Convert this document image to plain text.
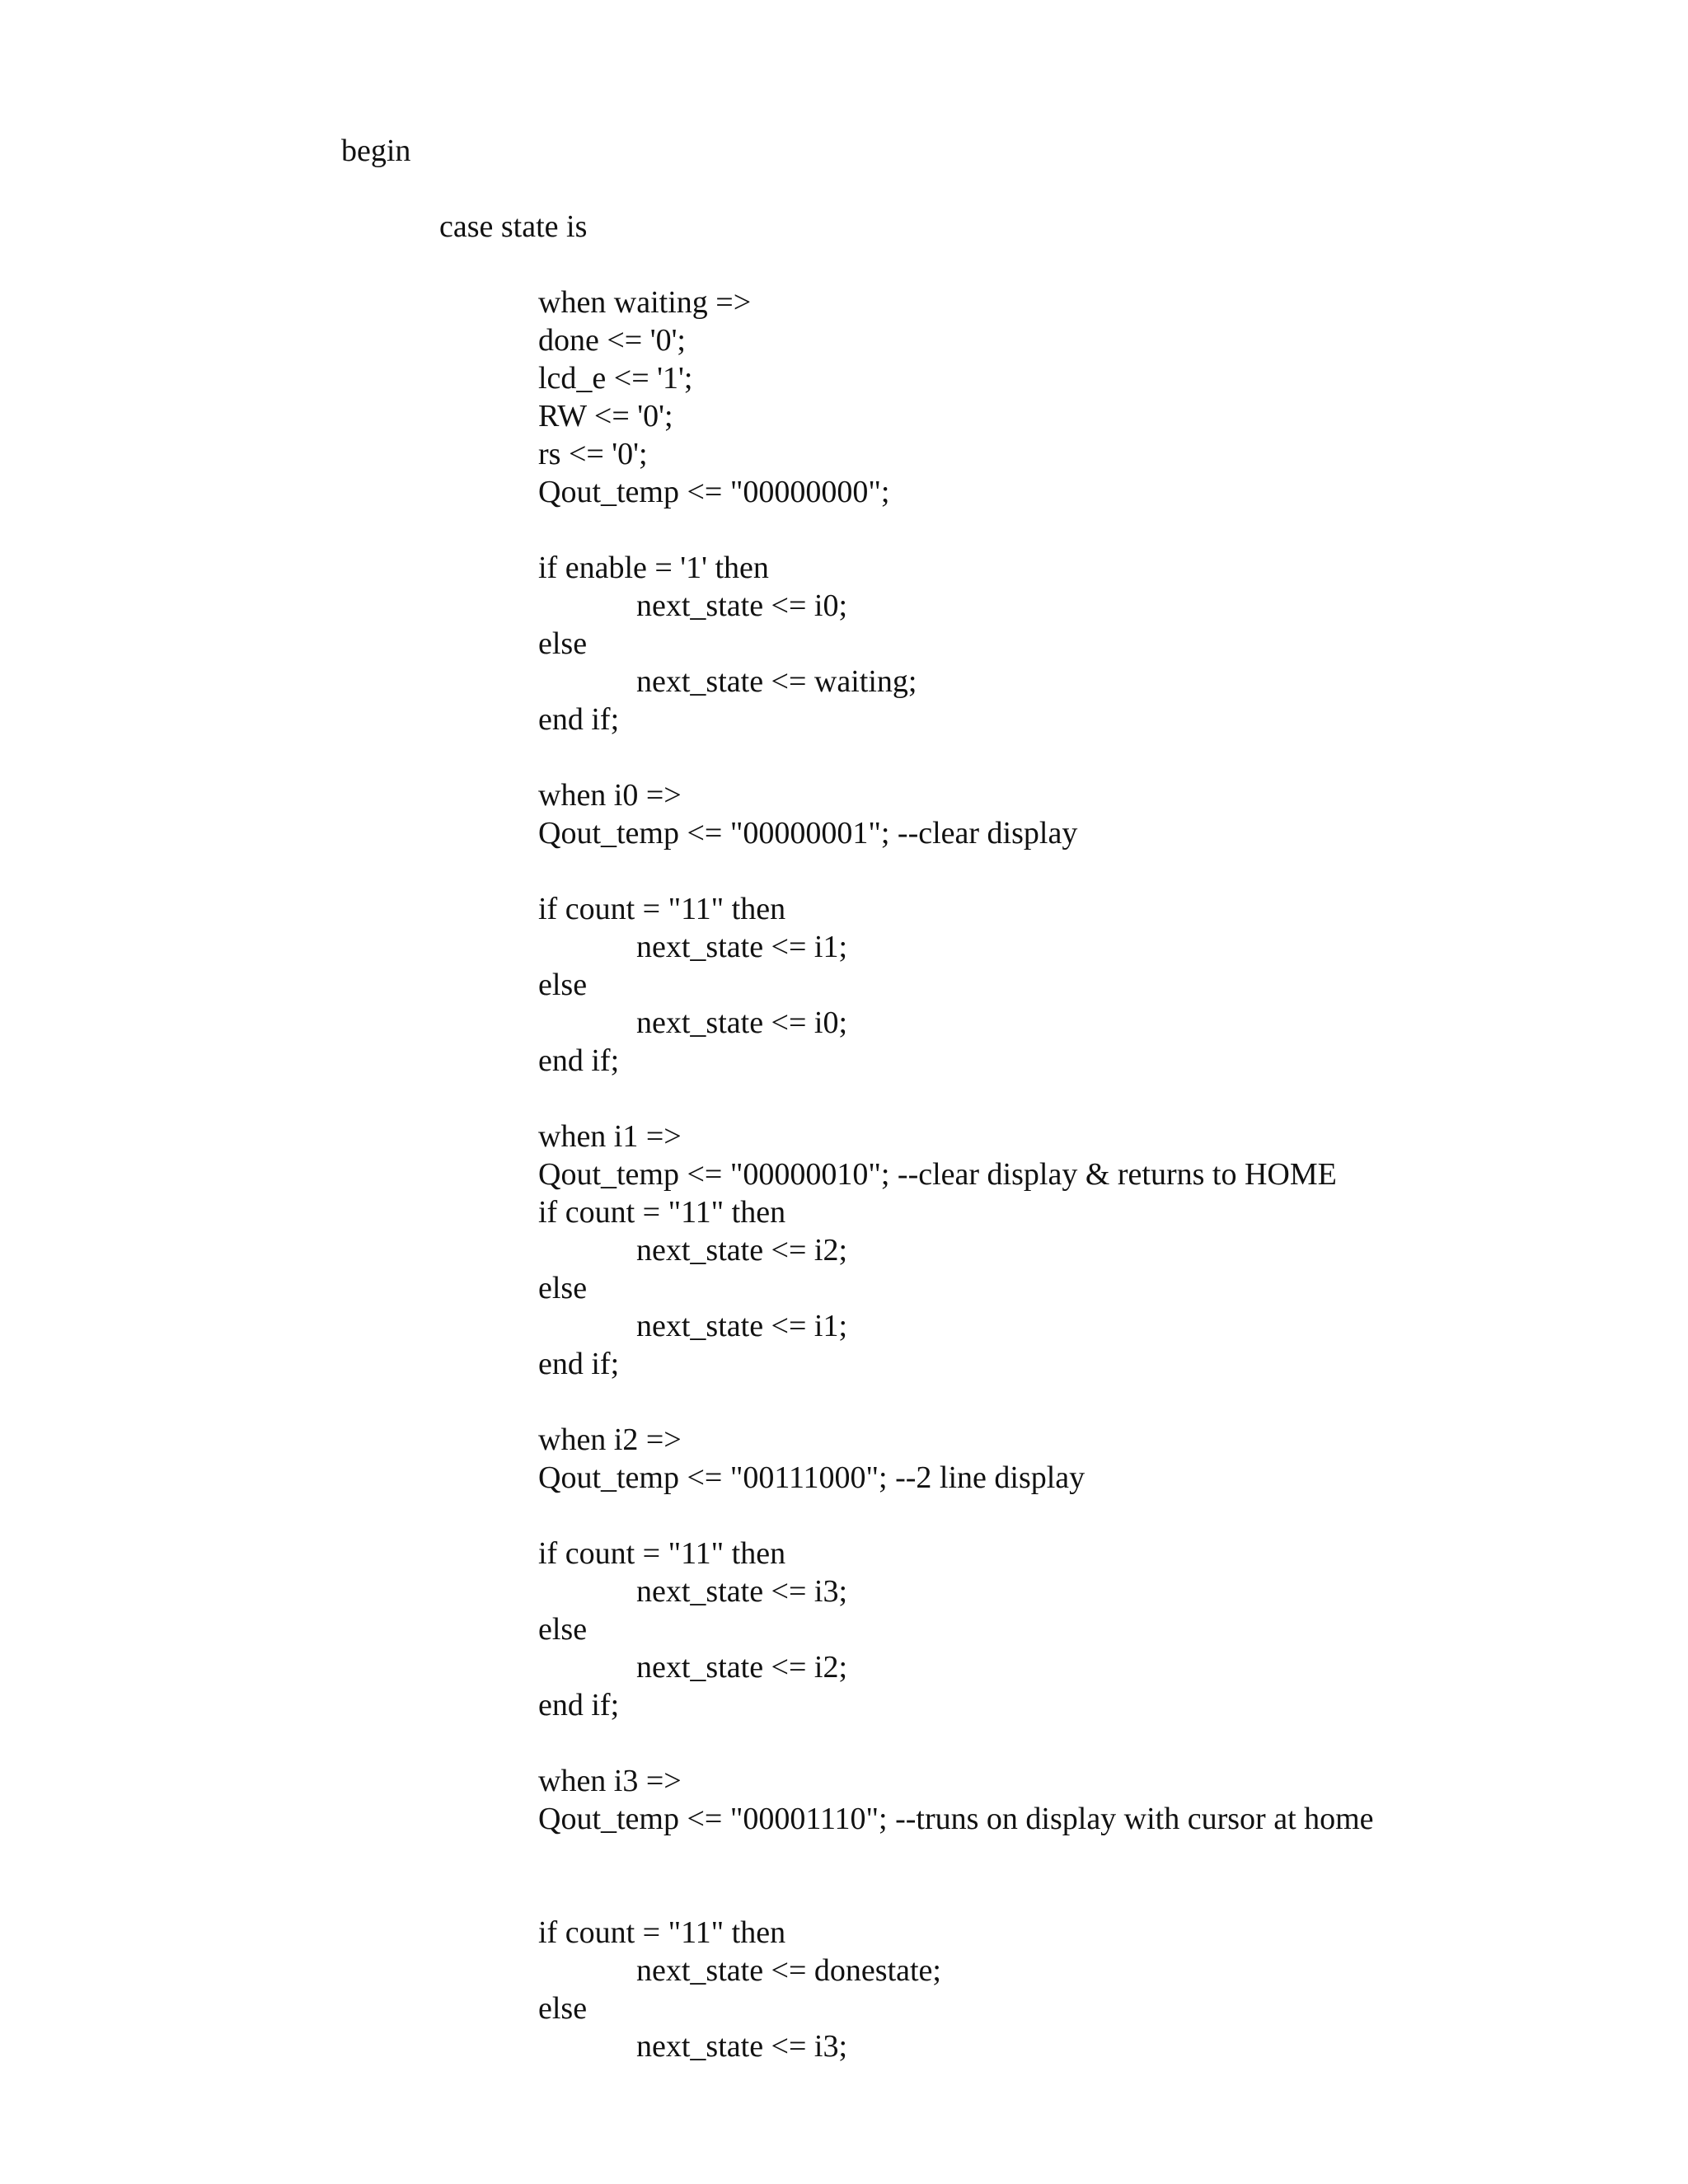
begin
case state is
when waiting =>
done <= '0';
lcd_e <= '1';
RW <= '0';
rs <= '0';
Qout_temp <= "00000000";
if enable = '1' then
next_state <= i0;
else
next_state <= waiting;
end if;
when i0 =>
Qout_temp <= "00000001"; --clear display
if count = "11" then
next_state <= i1;
else
next_state <= i0;
end if;
when i1 =>
Qout_temp <= "00000010"; --clear display & returns to HOME
if count = "11" then
next_state <= i2;
else
next_state <= i1;
end if;
when i2 =>
Qout_temp <= "00111000"; --2 line display
if count = "11" then
next_state <= i3;
else
next_state <= i2;
end if;
when i3 =>
Qout_temp <= "00001110"; --truns on display with cursor at home
if count = "11" then
next_state <= donestate;
else
next_state <= i3;
